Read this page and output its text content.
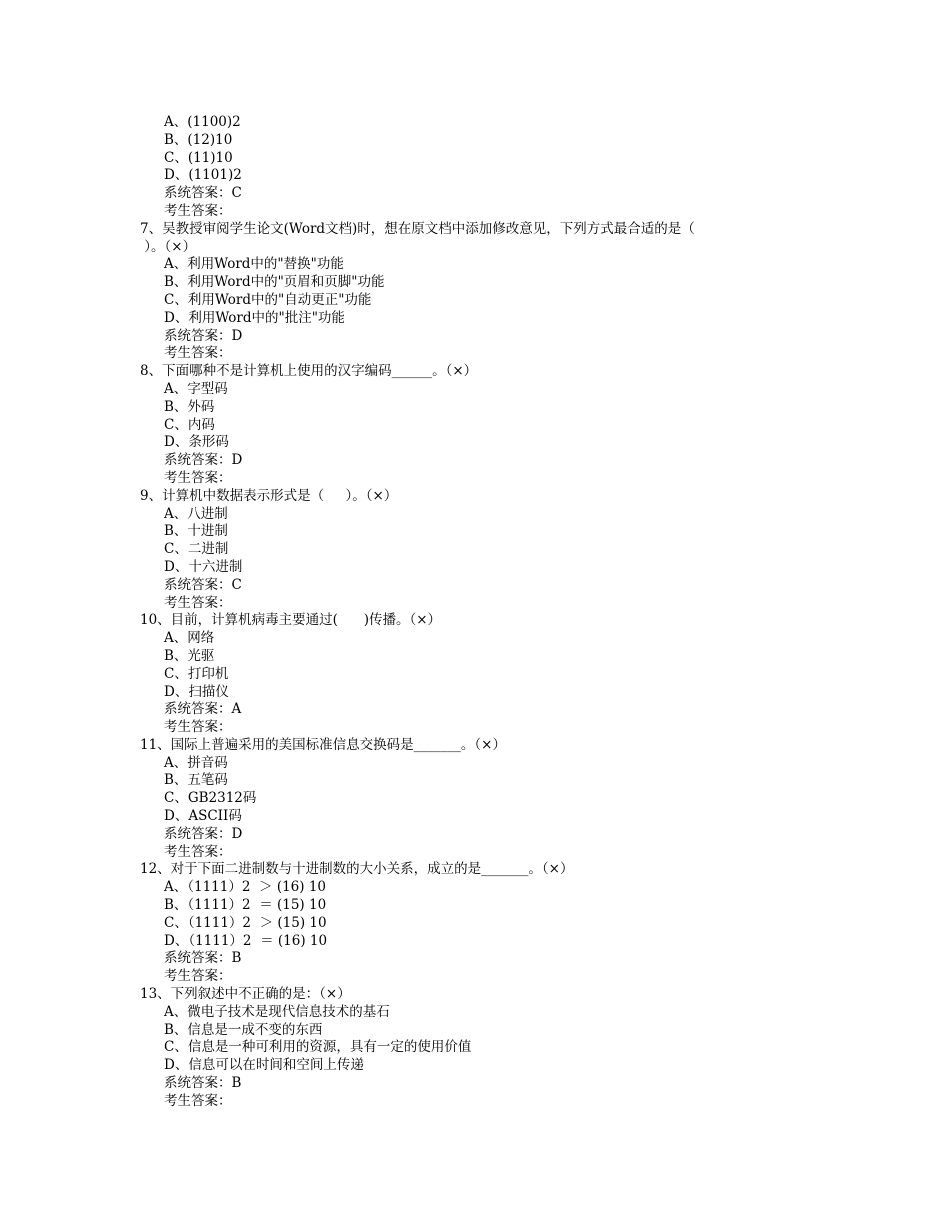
A、(1100)2
B、(12)10
C、(11)10
D、(1101)2
系统答案：C
考生答案：
7、吴教授审阅学生论文(Word文档)时，想在原文档中添加修改意见，下列方式最合适的是（
）。（×）
A、利用Word中的"替换"功能
B、利用Word中的"页眉和页脚"功能
C、利用Word中的"自动更正"功能
D、利用Word中的"批注"功能
系统答案：D
考生答案：
8、下面哪种不是计算机上使用的汉字编码______。（×）
A、字型码
B、外码
C、内码
D、条形码
系统答案：D
考生答案：
9、计算机中数据表示形式是（     ）。（×）
A、八进制
B、十进制
C、二进制
D、十六进制
系统答案：C
考生答案：
10、目前，计算机病毒主要通过(      )传播。（×）
A、网络
B、光驱
C、打印机
D、扫描仪
系统答案：A
考生答案：
11、国际上普遍采用的美国标准信息交换码是_______。（×）
A、拼音码
B、五笔码
C、GB2312码
D、ASCII码
系统答案：D
考生答案：
12、对于下面二进制数与十进制数的大小关系，成立的是_______。（×）
A、（1111）2  ＞ (16) 10
B、（1111）2  ＝ (15) 10
C、（1111）2  ＞ (15) 10
D、（1111）2  ＝ (16) 10
系统答案：B
考生答案：
13、下列叙述中不正确的是：（×）
A、微电子技术是现代信息技术的基石
B、信息是一成不变的东西
C、信息是一种可利用的资源，具有一定的使用价值
D、信息可以在时间和空间上传递
系统答案：B
考生答案：
